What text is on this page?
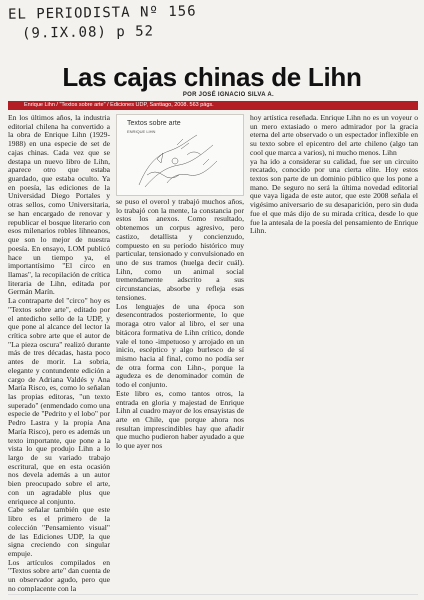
EL PERIODISTA Nº 156
(9.IX.08) p 52
Las cajas chinas de Lihn
POR JOSÉ IGNACIO SILVA A.
Enrique Lihn / "Textos sobre arte" / Ediciones UDP, Santiago, 2008. 563 págs.

En los últimos años, la industria editorial chilena ha convertido a la obra de Enrique Lihn (1929-1988) en una especie de set de cajas chinas. Cada vez que se destapa un nuevo libro de Lihn, aparece otro que estaba guardado, que estaba oculto. Ya en poesía, las ediciones de la Universidad Diego Portales y otras sellos, como Universitaria, se han encargado de renovar y republicar el bosque literario con esos milenarios robles lihneanos, que son lo mejor de nuestra poesía. En ensayo, LOM publicó hace un tiempo ya, el importantísimo "El circo en llamas", la recopilación de crítica literaria de Lihn, editada por Germán Marín.

La contraparte del "circo" hoy es "Textos sobre arte", editado por el antedicho sello de la UDP, y que pone al alcance del lector la crítica sobre arte que el autor de "La pieza oscura" realizó durante más de tres décadas, hasta poco antes de morir. La sobria, elegante y contundente edición a cargo de Adriana Valdés y Ana María Risco, es, como lo señalan las propias editoras, "un texto superado" (enmendado como una especie de "Pedrito y el lobo" por Pedro Lastra y la propia Ana María Risco), pero es además un texto importante, que pone a la vista lo que produjo Lihn a lo largo de su variado trabajo escritural, que en esta ocasión nos devela además a un autor bien preocupado sobre el arte, con un agradable plus que enriquece al conjunto.

Cabe señalar también que este libro es el primero de la colección "Pensamiento visual" de las Ediciones UDP, la que signa creciendo con singular empuje.

Los artículos compilados en "Textos sobre arte" dan cuenta de un observador agudo, pero que no complacente con la

Textos sobre arte
ENRIQUE LIHN

se puso el overol y trabajó muchos años, lo trabajó con la mente, la constancia por estos los anexos. Como resultado, obtenemos un corpus agresivo, pero castizo, detallista y concienzudo, compuesto en su período histórico muy particular, tensionado y convulsionado en uno de sus tramos (huelga decir cuál). Lihn, como un animal social tremendamente adscrito a sus circunstancias, absorbe y refleja esas tensiones.

Los lenguajes de una época son desencontrados posteriormente, lo que moraga otro valor al libro, el ser una bitácora formativa de Lihn crítico, donde vale el tono -impetuoso y arrojado en un inicio, escéptico y algo burlesco de sí mismo hacia al final, como no podía ser de otra forma con Lihn-, porque la agudeza es de denominador común de todo el conjunto.

Este libro es, como tantos otros, la entrada en gloria y majestad de Enrique Lihn al cuadro mayor de los ensayistas de arte en Chile, que porque ahora nos resultan imprescindibles hay que añadir que mucho pudieron haber ayudado a que lo que ayer nos

hoy artística reseñada. Enrique Lihn no es un voyeur o un mero extasiado o mero admirador por la gracia eterna del arte observado o un espectador inflexible en su texto sobre el epicentro del arte chileno (algo tan cool que marca a varios), ni mucho menos. Lihn

ya ha ido a considerar su calidad, fue ser un circuito recatado, conocido por una cierta elite. Hoy estos textos son parte de un dominio público que los pone a mano. De seguro no será la última novedad editorial que vaya ligada de este autor, que este 2008 señala el vigésimo aniversario de su desaparición, pero sin duda fue el que más dijo de su mirada crítica, desde lo que fue la antesala de la poesía del pensamiento de Enrique Lihn.
